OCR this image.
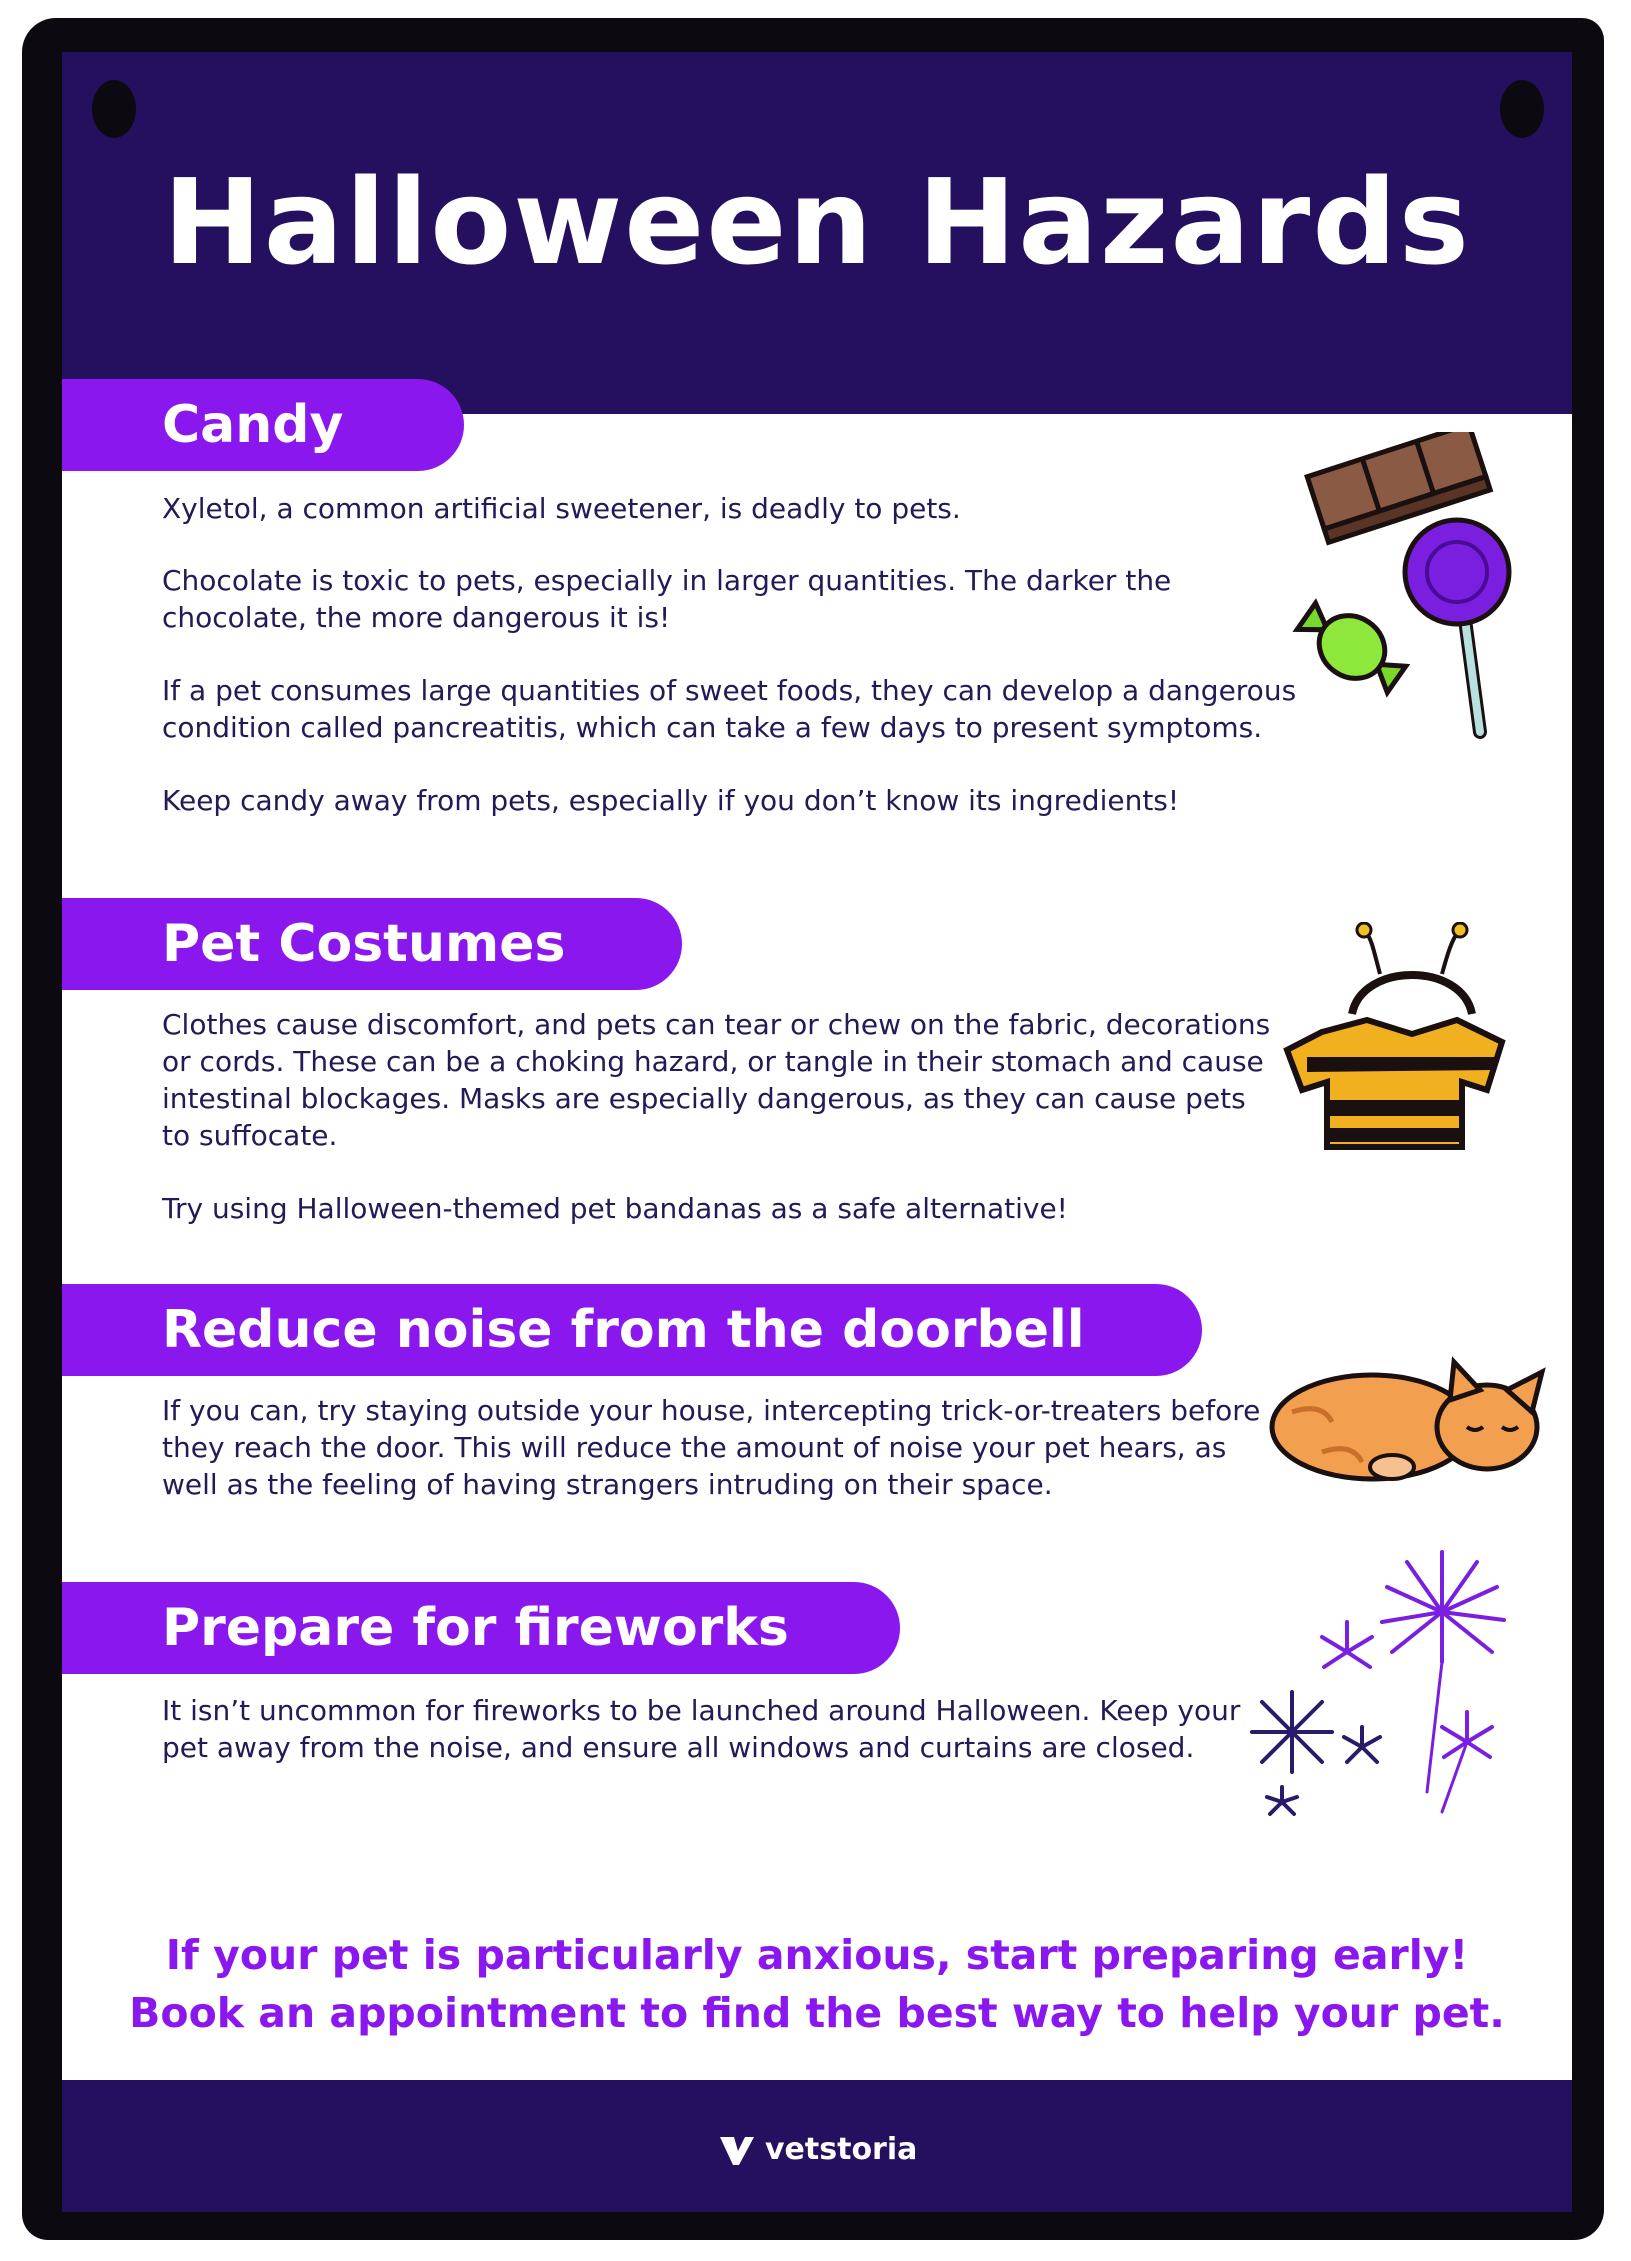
Halloween Hazards
Candy

Xyletol, a common artificial sweetener, is deadly to pets.

Chocolate is toxic to pets, especially in larger quantities. The darker the chocolate, the more dangerous it is!

If a pet consumes large quantities of sweet foods, they can develop a dangerous condition called pancreatitis, which can take a few days to present symptoms.

Keep candy away from pets, especially if you don’t know its ingredients!

Pet Costumes

Clothes cause discomfort, and pets can tear or chew on the fabric, decorations or cords. These can be a choking hazard, or tangle in their stomach and cause intestinal blockages. Masks are especially dangerous, as they can cause pets to suffocate.

Try using Halloween-themed pet bandanas as a safe alternative!

Reduce noise from the doorbell

If you can, try staying outside your house, intercepting trick-or-treaters before they reach the door. This will reduce the amount of noise your pet hears, as well as the feeling of having strangers intruding on their space.

Prepare for fireworks

It isn’t uncommon for fireworks to be launched around Halloween. Keep your pet away from the noise, and ensure all windows and curtains are closed.

If your pet is particularly anxious, start preparing early!
Book an appointment to find the best way to help your pet.
vetstoria
